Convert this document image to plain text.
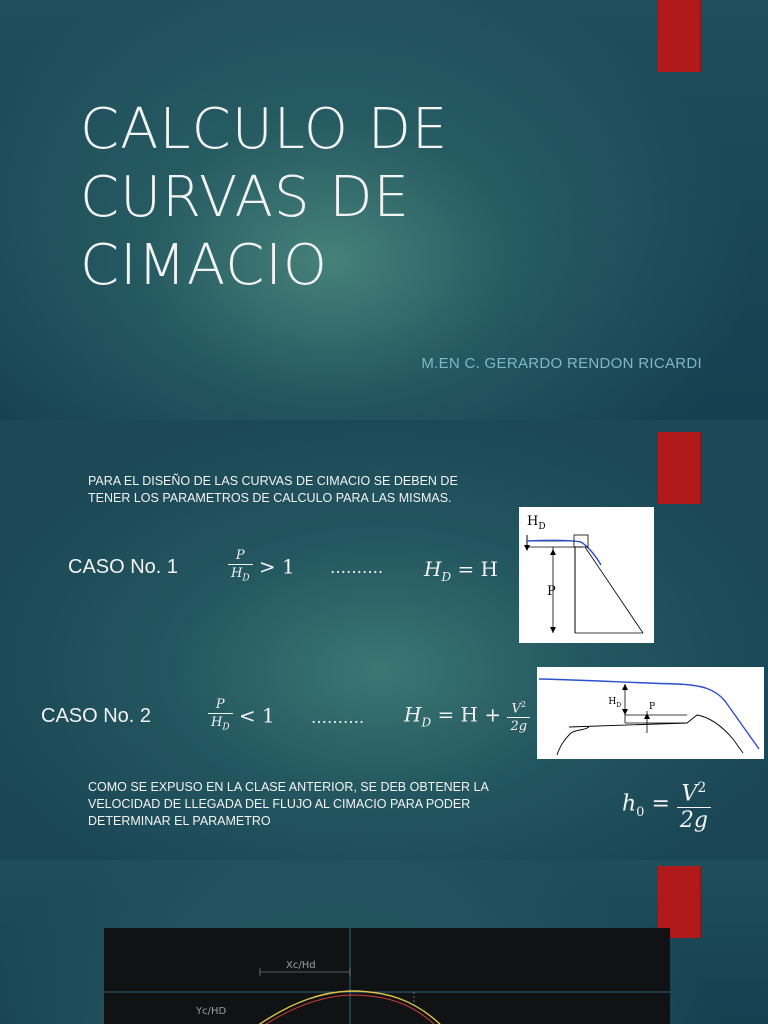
CALCULO DE
CURVAS DE
CIMACIO
M.EN C. GERARDO RENDON RICARDI
PARA EL DISEÑO DE LAS CURVAS DE CIMACIO SE DEBEN DE
TENER LOS PARAMETROS DE CALCULO PARA LAS MISMAS.
CASO No. 1	$\frac{P}{H_D} > 1$ ………. $H_D = H$
$H_D$
P
CASO No. 2	$\frac{P}{H_D} < 1$ ………. $H_D = H + \frac{V^2}{2g}$	$H_D$	P
COMO SE EXPUSO EN LA CLASE ANTERIOR, SE DEB OBTENER LA
VELOCIDAD DE LLEGADA DEL FLUJO AL CIMACIO PARA PODER
DETERMINAR EL PARAMETRO
$h_0 = \frac{V^2}{2g}$
Xc/Hd
Yc/HD
